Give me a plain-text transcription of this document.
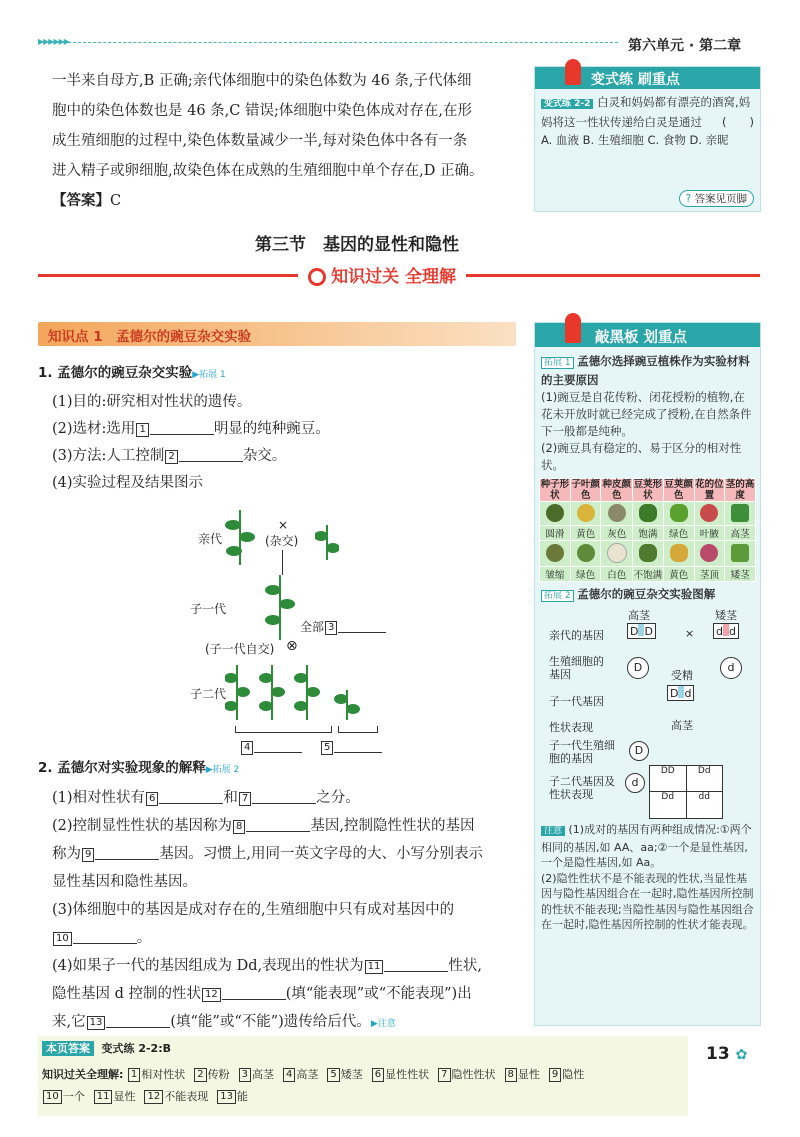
▶▶▶▶▶▶	第六单元 · 第二章
一半来自母方,B 正确;亲代体细胞中的染色体数为 46 条,子代体细
胞中的染色体数也是 46 条,C 错误;体细胞中染色体成对存在,在形
成生殖细胞的过程中,染色体数量减少一半,每对染色体中各有一条
进入精子或卵细胞,故染色体在成熟的生殖细胞中单个存在,D 正确。
【答案】C
变式练 刷重点
变式练 2-2 白灵和妈妈都有漂亮的酒窝,妈妈将这一性状传递给白灵是通过 (　　)
A. 血液 B. 生殖细胞 C. 食物 D. 亲昵
? 答案见页脚
第三节　基因的显性和隐性
知识过关 全理解
知识点 1　孟德尔的豌豆杂交实验
1. 孟德尔的豌豆杂交实验▶拓展 1
(1)目的:研究相对性状的遗传。
(2)选材:选用 1	明显的纯种豌豆。
(3)方法:人工控制 2	杂交。
(4)实验过程及结果图示
亲代
×
(杂交)
子一代
全部 3
(子一代自交) ⊗
子二代
4	5
2. 孟德尔对实验现象的解释▶拓展 2
(1)相对性状有 6	和 7	之分。
(2)控制显性性状的基因称为 8	基因,控制隐性性状的基因
称为 9	基因。习惯上,用同一英文字母的大、小写分别表示
显性基因和隐性基因。
(3)体细胞中的基因是成对存在的,生殖细胞中只有成对基因中的
10	。
(4)如果子一代的基因组成为 Dd,表现出的性状为 11	性状,
隐性基因 d 控制的性状 12	(填“能表现”或“不能表现”)出
来,它 13	(填“能”或“不能”)遗传给后代。▶注意
敲黑板 划重点
拓展 1 孟德尔选择豌豆植株作为实验材料的主要原因
(1)豌豆是自花传粉、闭花授粉的植物,在花未开放时就已经完成了授粉,在自然条件下一般都是纯种。
(2)豌豆具有稳定的、易于区分的相对性状。
种子形状	子叶颜色	种皮颜色	豆荚形状	豆荚颜色	花的位置	茎的高度

圆滑	黄色	灰色	饱满	绿色	叶腋	高茎

皱缩	绿色	白色	不饱满	黄色	茎顶	矮茎
拓展 2 孟德尔的豌豆杂交实验图解
高茎	矮茎
亲代的基因 D D	× d d
生殖细胞的基因
D	d
受精
子一代基因
D d
性状表现	高茎
子一代生殖细胞的基因
D
子二代基因及性状表现
d
DD	Dd
Dd	dd
注意 (1)成对的基因有两种组成情况:①两个相同的基因,如 AA、aa;②一个是显性基因,一个是隐性基因,如 Aa。
(2)隐性性状不是不能表现的性状,当显性基因与隐性基因组合在一起时,隐性基因所控制的性状不能表现;当隐性基因与隐性基因组合在一起时,隐性基因所控制的性状才能表现。
本页答案 变式练 2-2:B
知识过关全理解: 1 相对性状 2 传粉 3 高茎 4 高茎 5 矮茎 6 显性性状 7 隐性性状 8 显性 9 隐性
10 一个 11 显性 12 不能表现 13 能
13 ✿
